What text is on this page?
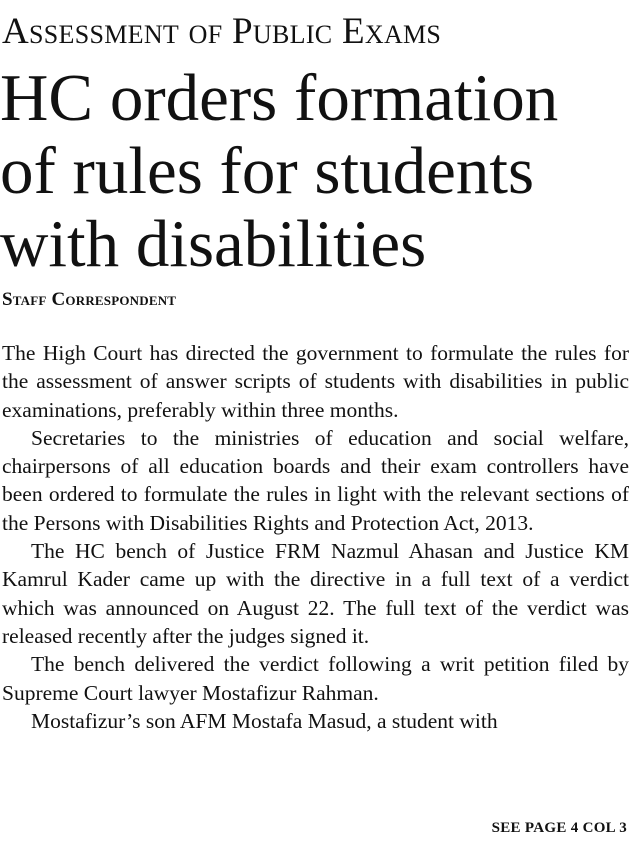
Assessment of Public Exams
HC orders formation
of rules for students
with disabilities
Staff Correspondent

The High Court has directed the government to formulate the rules for the assessment of answer scripts of students with disabilities in public examinations, preferably within three months.

Secretaries to the ministries of education and social welfare, chairpersons of all education boards and their exam controllers have been ordered to formulate the rules in light with the relevant sections of the Persons with Disabilities Rights and Protection Act, 2013.

The HC bench of Justice FRM Nazmul Ahasan and Justice KM Kamrul Kader came up with the directive in a full text of a verdict which was announced on August 22. The full text of the verdict was released recently after the judges signed it.

The bench delivered the verdict following a writ petition filed by Supreme Court lawyer Mostafizur Rahman.

Mostafizur’s son AFM Mostafa Masud, a student with

SEE PAGE 4 COL 3
